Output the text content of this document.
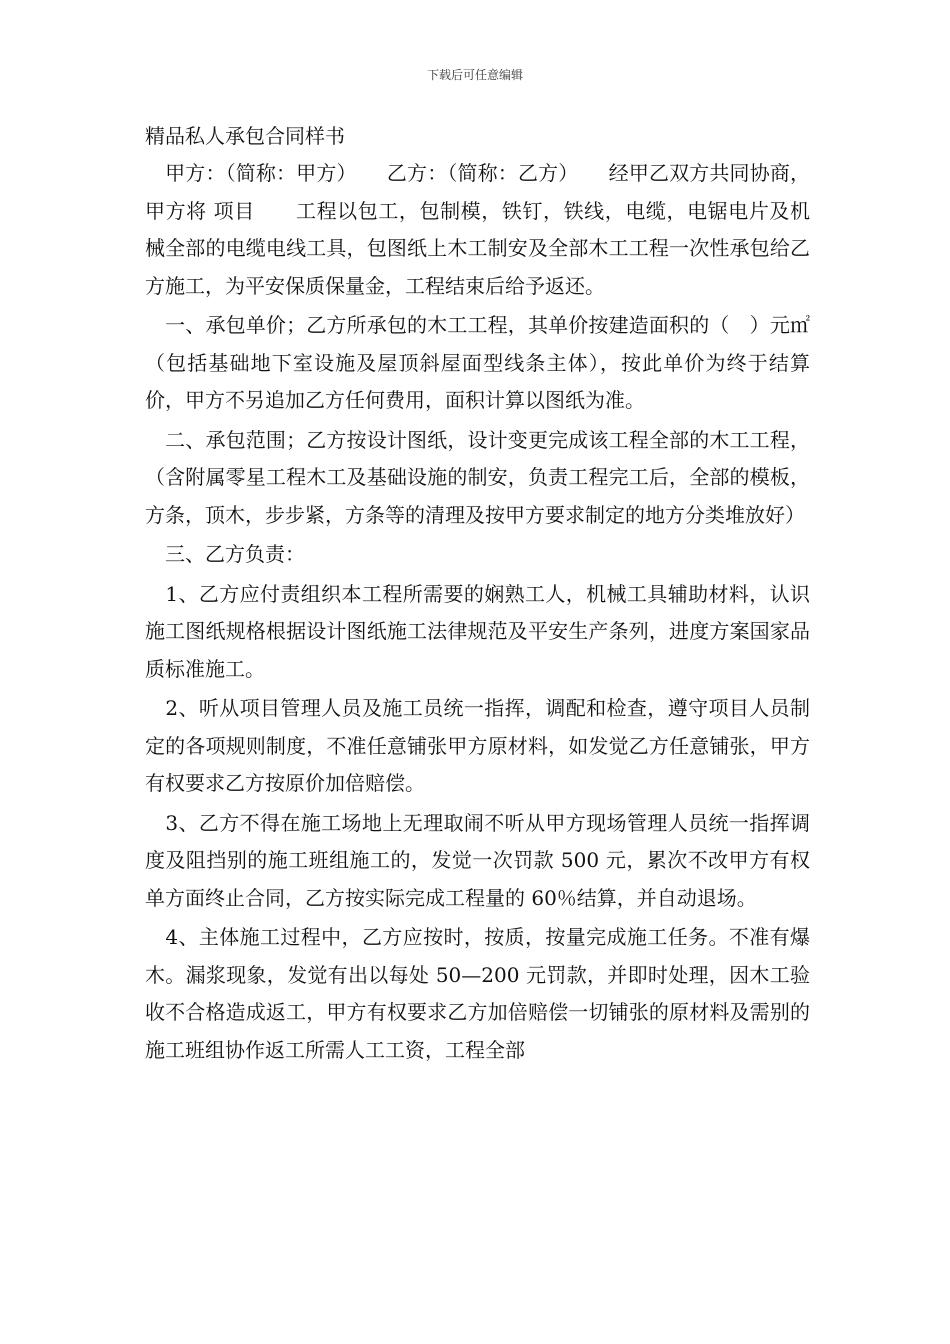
下载后可任意编辑

精品私人承包合同样书

　甲方：（简称：甲方）　　乙方：（简称：乙方）　　经甲乙双方共同协商，甲方将 项目　　工程以包工，包制模，铁钉，铁线，电缆，电锯电片及机械全部的电缆电线工具，包图纸上木工制安及全部木工工程一次性承包给乙方施工，为平安保质保量金，工程结束后给予返还。

　一、承包单价；乙方所承包的木工工程，其单价按建造面积的（　）元㎡（包括基础地下室设施及屋顶斜屋面型线条主体），按此单价为终于结算价，甲方不另追加乙方任何费用，面积计算以图纸为准。

　二、承包范围；乙方按设计图纸，设计变更完成该工程全部的木工工程，（含附属零星工程木工及基础设施的制安，负责工程完工后，全部的模板，方条，顶木，步步紧，方条等的清理及按甲方要求制定的地方分类堆放好）

　三、乙方负责：

　1、乙方应付责组织本工程所需要的娴熟工人，机械工具辅助材料，认识施工图纸规格根据设计图纸施工法律规范及平安生产条列，进度方案国家品质标准施工。

　2、听从项目管理人员及施工员统一指挥，调配和检查，遵守项目人员制定的各项规则制度，不准任意铺张甲方原材料，如发觉乙方任意铺张，甲方有权要求乙方按原价加倍赔偿。

　3、乙方不得在施工场地上无理取闹不听从甲方现场管理人员统一指挥调度及阻挡别的施工班组施工的，发觉一次罚款 500 元，累次不改甲方有权单方面终止合同，乙方按实际完成工程量的 60％结算，并自动退场。

　4、主体施工过程中，乙方应按时，按质，按量完成施工任务。不准有爆木。漏浆现象，发觉有出以每处 50—200 元罚款，并即时处理，因木工验收不合格造成返工，甲方有权要求乙方加倍赔偿一切铺张的原材料及需别的施工班组协作返工所需人工工资，工程全部
